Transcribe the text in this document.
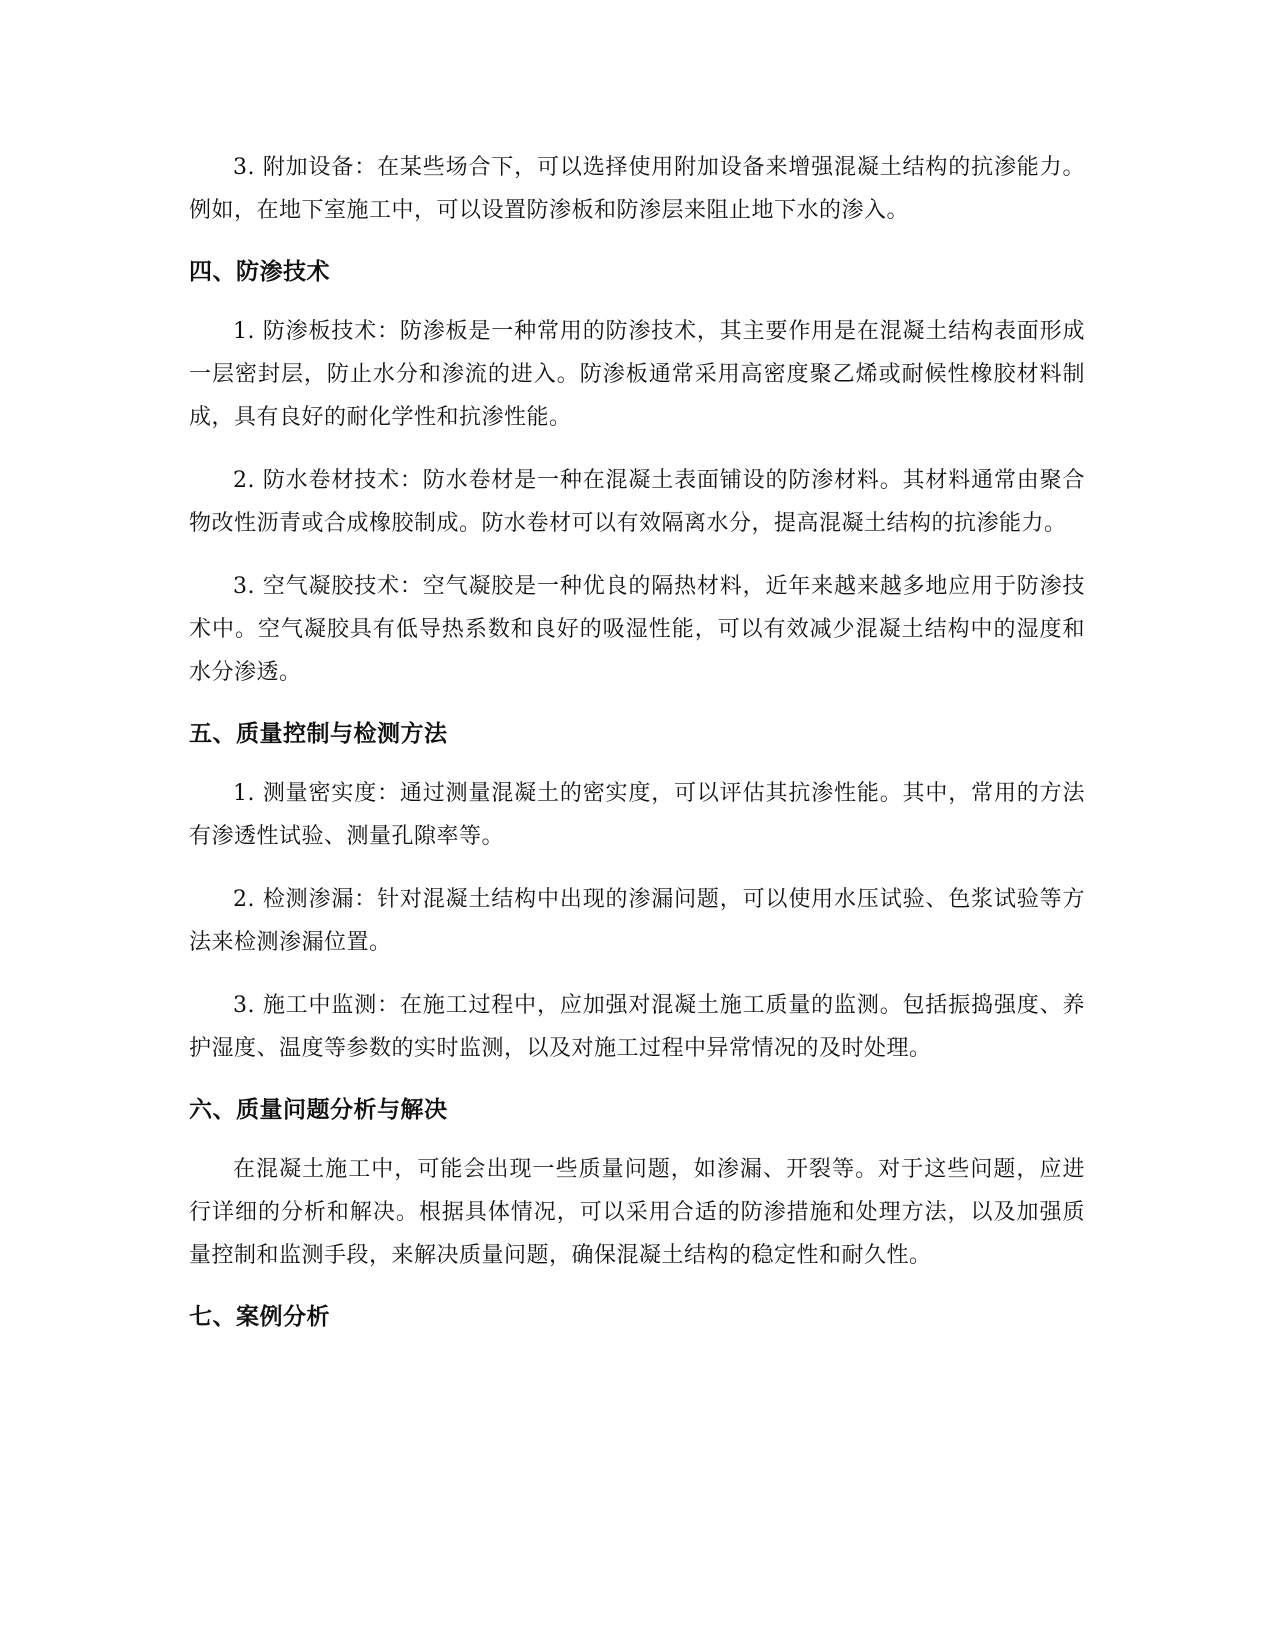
3. 附加设备：在某些场合下，可以选择使用附加设备来增强混凝土结构的抗渗能力。例如，在地下室施工中，可以设置防渗板和防渗层来阻止地下水的渗入。

四、防渗技术

1. 防渗板技术：防渗板是一种常用的防渗技术，其主要作用是在混凝土结构表面形成一层密封层，防止水分和渗流的进入。防渗板通常采用高密度聚乙烯或耐候性橡胶材料制成，具有良好的耐化学性和抗渗性能。

2. 防水卷材技术：防水卷材是一种在混凝土表面铺设的防渗材料。其材料通常由聚合物改性沥青或合成橡胶制成。防水卷材可以有效隔离水分，提高混凝土结构的抗渗能力。

3. 空气凝胶技术：空气凝胶是一种优良的隔热材料，近年来越来越多地应用于防渗技术中。空气凝胶具有低导热系数和良好的吸湿性能，可以有效减少混凝土结构中的湿度和水分渗透。

五、质量控制与检测方法

1. 测量密实度：通过测量混凝土的密实度，可以评估其抗渗性能。其中，常用的方法有渗透性试验、测量孔隙率等。

2. 检测渗漏：针对混凝土结构中出现的渗漏问题，可以使用水压试验、色浆试验等方法来检测渗漏位置。

3. 施工中监测：在施工过程中，应加强对混凝土施工质量的监测。包括振捣强度、养护湿度、温度等参数的实时监测，以及对施工过程中异常情况的及时处理。

六、质量问题分析与解决

在混凝土施工中，可能会出现一些质量问题，如渗漏、开裂等。对于这些问题，应进行详细的分析和解决。根据具体情况，可以采用合适的防渗措施和处理方法，以及加强质量控制和监测手段，来解决质量问题，确保混凝土结构的稳定性和耐久性。

七、案例分析
